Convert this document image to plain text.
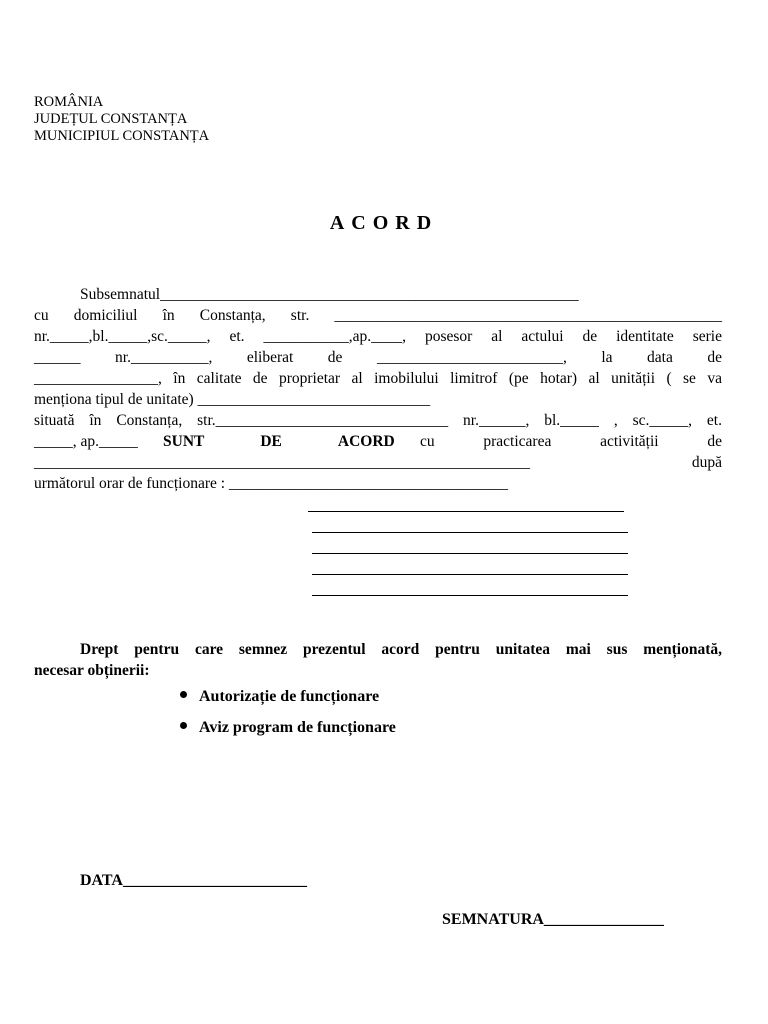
ROMÂNIA
JUDEȚUL CONSTANȚA
MUNICIPIUL CONSTANȚA
ACORD
Subsemnatul______________________________________________________
cu domiciliul în Constanța, str. __________________________________________________
nr._____,bl._____,sc._____, et. ___________,ap.____, posesor al actului de identitate serie
______ nr.__________, eliberat de ________________________, la data de
________________, în calitate de proprietar al imobilului limitrof (pe hotar) al unității ( se va
menționa tipul de unitate) ______________________________
situată în Constanța, str.______________________________ nr.______, bl._____ , sc._____, et.
_____, ap._____ SUNT	DE	ACORD cu	practicarea	activității	de
________________________________________________________________	după
următorul orar de funcționare : ____________________________________
Drept pentru care semnez prezentul acord pentru unitatea mai sus menționată,
necesar obținerii:
Autorizație de funcționare
Aviz program de funcționare
DATA_______________________
SEMNATURA_______________
